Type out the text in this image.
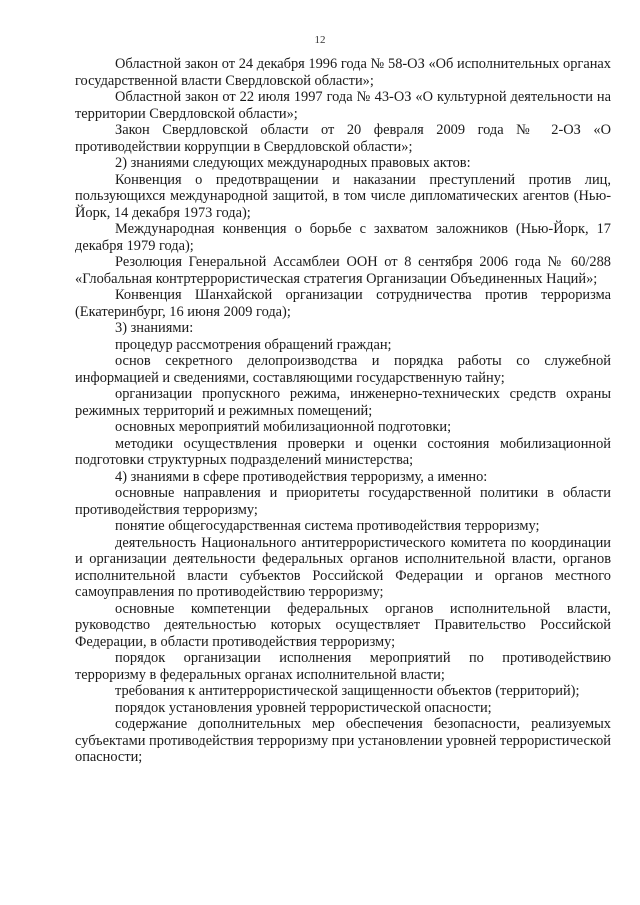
12

Областной закон от 24 декабря 1996 года № 58-ОЗ «Об исполнительных органах государственной власти Свердловской области»;

Областной закон от 22 июля 1997 года № 43-ОЗ «О культурной деятельности на территории Свердловской области»;

Закон Свердловской области от 20 февраля 2009 года № 2-ОЗ «О противодействии коррупции в Свердловской области»;

2) знаниями следующих международных правовых актов:

Конвенция о предотвращении и наказании преступлений против лиц, пользующихся международной защитой, в том числе дипломатических агентов (Нью-Йорк, 14 декабря 1973 года);

Международная конвенция о борьбе с захватом заложников (Нью-Йорк, 17 декабря 1979 года);

Резолюция Генеральной Ассамблеи ООН от 8 сентября 2006 года № 60/288 «Глобальная контртеррористическая стратегия Организации Объединенных Наций»;

Конвенция Шанхайской организации сотрудничества против терроризма (Екатеринбург, 16 июня 2009 года);

3) знаниями:

процедур рассмотрения обращений граждан;

основ секретного делопроизводства и порядка работы со служебной информацией и сведениями, составляющими государственную тайну;

организации пропускного режима, инженерно-технических средств охраны режимных территорий и режимных помещений;

основных мероприятий мобилизационной подготовки;

методики осуществления проверки и оценки состояния мобилизационной подготовки структурных подразделений министерства;

4) знаниями в сфере противодействия терроризму, а именно:

основные направления и приоритеты государственной политики в области противодействия терроризму;

понятие общегосударственная система противодействия терроризму;

деятельность Национального антитеррористического комитета по координации и организации деятельности федеральных органов исполнительной власти, органов исполнительной власти субъектов Российской Федерации и органов местного самоуправления по противодействию терроризму;

основные компетенции федеральных органов исполнительной власти, руководство деятельностью которых осуществляет Правительство Российской Федерации, в области противодействия терроризму;

порядок организации исполнения мероприятий по противодействию терроризму в федеральных органах исполнительной власти;

требования к антитеррористической защищенности объектов (территорий);

порядок установления уровней террористической опасности;

содержание дополнительных мер обеспечения безопасности, реализуемых субъектами противодействия терроризму при установлении уровней террористической опасности;
